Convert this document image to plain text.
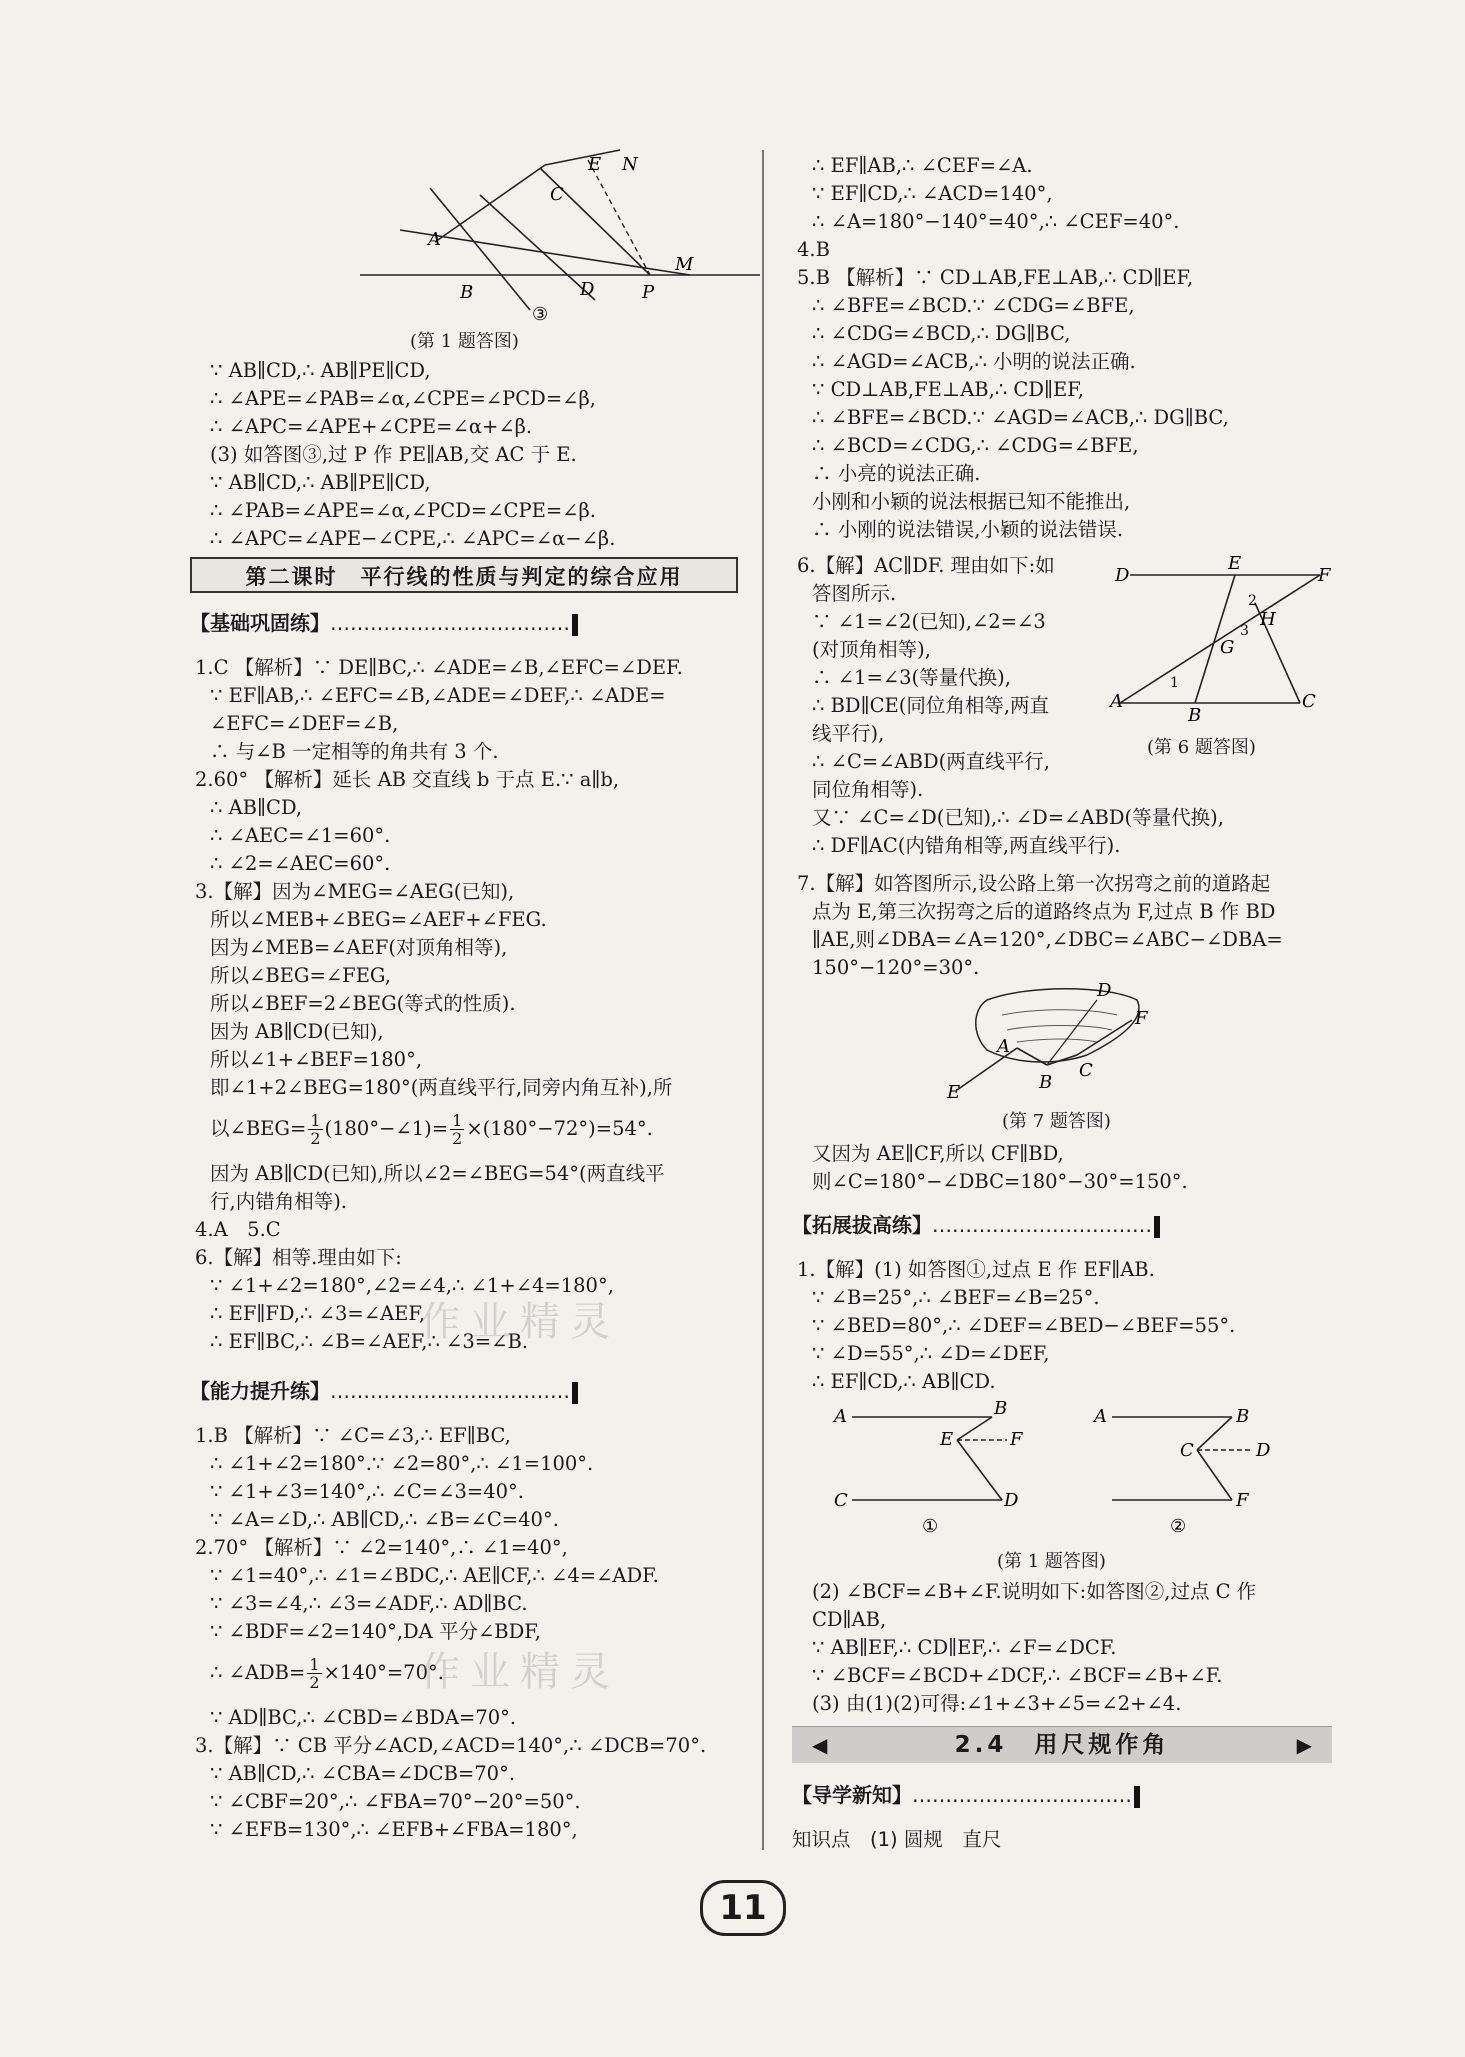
E N
C
A
B	D	P
M
③
(第 1 题答图)
∵ AB∥CD,∴ AB∥PE∥CD,
∴ ∠APE=∠PAB=∠α,∠CPE=∠PCD=∠β,
∴ ∠APC=∠APE+∠CPE=∠α+∠β.
(3) 如答图③,过 P 作 PE∥AB,交 AC 于 E.
∵ AB∥CD,∴ AB∥PE∥CD,
∴ ∠PAB=∠APE=∠α,∠PCD=∠CPE=∠β.
∴ ∠APC=∠APE−∠CPE,∴ ∠APC=∠α−∠β.
第二课时　平行线的性质与判定的综合应用
【基础巩固练】………………………………
1.C 【解析】∵ DE∥BC,∴ ∠ADE=∠B,∠EFC=∠DEF.
∵ EF∥AB,∴ ∠EFC=∠B,∠ADE=∠DEF,∴ ∠ADE=
∠EFC=∠DEF=∠B,
∴ 与∠B 一定相等的角共有 3 个.
2.60° 【解析】延长 AB 交直线 b 于点 E.∵ a∥b,
∴ AB∥CD,
∴ ∠AEC=∠1=60°.
∴ ∠2=∠AEC=60°.
3.【解】因为∠MEG=∠AEG(已知),
所以∠MEB+∠BEG=∠AEF+∠FEG.
因为∠MEB=∠AEF(对顶角相等),
所以∠BEG=∠FEG,
所以∠BEF=2∠BEG(等式的性质).
因为 AB∥CD(已知),
所以∠1+∠BEF=180°,
即∠1+2∠BEG=180°(两直线平行,同旁内角互补),所
以∠BEG= $\frac{1}{2}$ (180°−∠1)= $\frac{1}{2} \times(180^\circ-72^\circ)=54^\circ$.
因为 AB∥CD(已知),所以∠2=∠BEG=54°(两直线平
行,内错角相等).
4.A　5.C
6.【解】相等.理由如下:
∵ ∠1+∠2=180°,∠2=∠4,∴ ∠1+∠4=180°,
∴ EF∥FD,∴ ∠3=∠AEF,
∴ EF∥BC,∴ ∠B=∠AEF,∴ ∠3=∠B.
【能力提升练】………………………………
1.B 【解析】∵ ∠C=∠3,∴ EF∥BC,
∴ ∠1+∠2=180°.∵ ∠2=80°,∴ ∠1=100°.
∵ ∠1+∠3=140°,∴ ∠C=∠3=40°.
∵ ∠A=∠D,∴ AB∥CD,∴ ∠B=∠C=40°.
2.70° 【解析】∵ ∠2=140°,∴ ∠1=40°,
∵ ∠1=40°,∴ ∠1=∠BDC,∴ AE∥CF,∴ ∠4=∠ADF.
∵ ∠3=∠4,∴ ∠3=∠ADF,∴ AD∥BC.
∵ ∠BDF=∠2=140°,DA 平分∠BDF,
∴ ∠ADB= $\frac{1}{2} \times 140^\circ=70^\circ$.
∵ AD∥BC,∴ ∠CBD=∠BDA=70°.
3.【解】∵ CB 平分∠ACD,∠ACD=140°,∴ ∠DCB=70°.
∵ AB∥CD,∴ ∠CBA=∠DCB=70°.
∵ ∠CBF=20°,∴ ∠FBA=70°−20°=50°.
∵ ∠EFB=130°,∴ ∠EFB+∠FBA=180°,
∴ EF∥AB,∴ ∠CEF=∠A.
∵ EF∥CD,∴ ∠ACD=140°,
∴ ∠A=180°−140°=40°,∴ ∠CEF=40°.
4.B
5.B 【解析】∵ CD⊥AB,FE⊥AB,∴ CD∥EF,
∴ ∠BFE=∠BCD.∵ ∠CDG=∠BFE,
∴ ∠CDG=∠BCD,∴ DG∥BC,
∴ ∠AGD=∠ACB,∴ 小明的说法正确.
∵ CD⊥AB,FE⊥AB,∴ CD∥EF,
∴ ∠BFE=∠BCD.∵ ∠AGD=∠ACB,∴ DG∥BC,
∴ ∠BCD=∠CDG,∴ ∠CDG=∠BFE,
∴ 小亮的说法正确.
小刚和小颖的说法根据已知不能推出,
∴ 小刚的说法错误,小颖的说法错误.
6.【解】AC∥DF. 理由如下:如
答图所示.
∵ ∠1=∠2(已知),∠2=∠3
(对顶角相等),
∴ ∠1=∠3(等量代换),
∴ BD∥CE(同位角相等,两直
线平行),
∴ ∠C=∠ABD(两直线平行,
同位角相等).
又∵ ∠C=∠D(已知),∴ ∠D=∠ABD(等量代换),
∴ DF∥AC(内错角相等,两直线平行).
D
E
F
H
G
A
B
C
1
2
3
(第 6 题答图)
7.【解】如答图所示,设公路上第一次拐弯之前的道路起
点为 E,第三次拐弯之后的道路终点为 F,过点 B 作 BD
∥AE,则∠DBA=∠A=120°,∠DBC=∠ABC−∠DBA=
150°−120°=30°.
D
F
A
E	B
C
(第 7 题答图)
又因为 AE∥CF,所以 CF∥BD,
则∠C=180°−∠DBC=180°−30°=150°.
【拓展拔高练】……………………………
1.【解】(1) 如答图①,过点 E 作 EF∥AB.
∵ ∠B=25°,∴ ∠BEF=∠B=25°.
∵ ∠BED=80°,∴ ∠DEF=∠BED−∠BEF=55°.
∵ ∠D=55°,∴ ∠D=∠DEF,
∴ EF∥CD,∴ AB∥CD.
A	B
E	F
C	D
①
A	B
C	D
F
②
(第 1 题答图)
(2) ∠BCF=∠B+∠F.说明如下:如答图②,过点 C 作
CD∥AB,
∵ AB∥EF,∴ CD∥EF,∴ ∠F=∠DCF.
∵ ∠BCF=∠BCD+∠DCF,∴ ∠BCF=∠B+∠F.
(3) 由(1)(2)可得:∠1+∠3+∠5=∠2+∠4.
◀	2.4　用尺规作角	▶
【导学新知】……………………………
知识点　(1) 圆规　直尺
作业精灵
作业精灵
11
